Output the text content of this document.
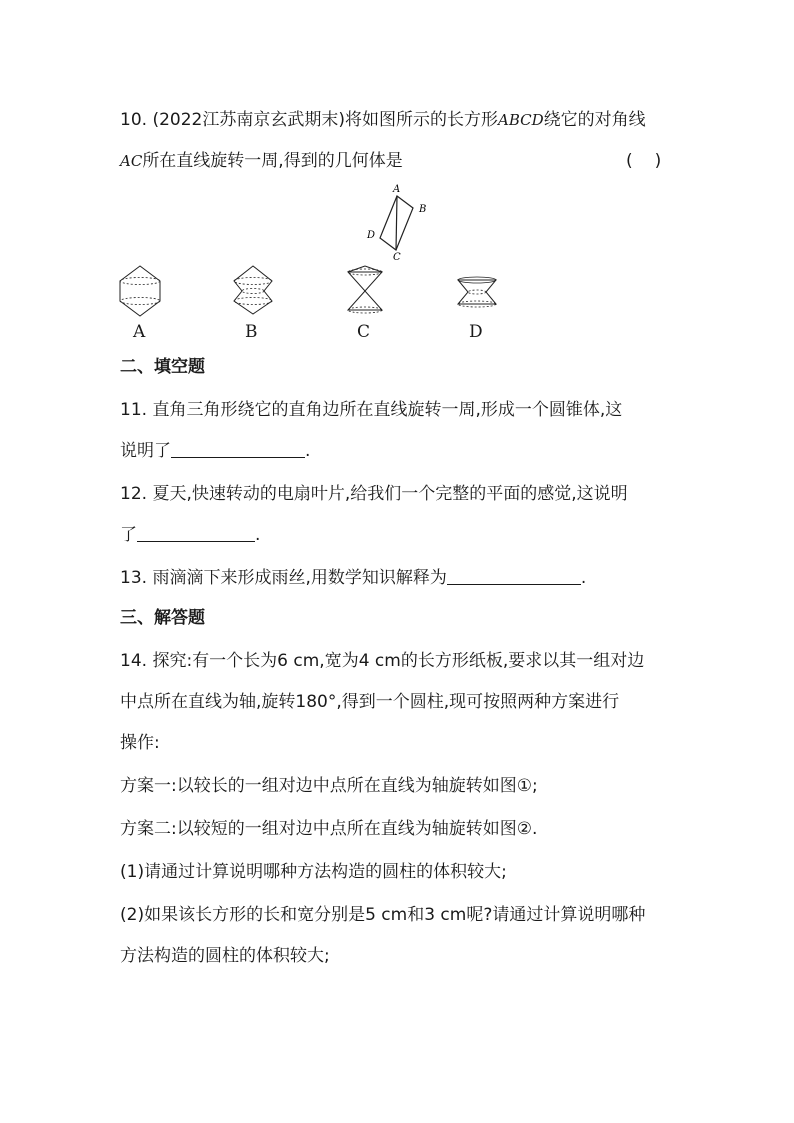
10. (2022江苏南京玄武期末)将如图所示的长方形ABCD绕它的对角线
AC所在直线旋转一周,得到的几何体是	( )
A
B
C
D
A	B	C	D
二、填空题
11. 直角三角形绕它的直角边所在直线旋转一周,形成一个圆锥体,这
说明了	.
12. 夏天,快速转动的电扇叶片,给我们一个完整的平面的感觉,这说明
了	.
13. 雨滴滴下来形成雨丝,用数学知识解释为	.
三、解答题
14. 探究:有一个长为6 cm,宽为4 cm的长方形纸板,要求以其一组对边
中点所在直线为轴,旋转180°,得到一个圆柱,现可按照两种方案进行
操作:
方案一:以较长的一组对边中点所在直线为轴旋转如图①;
方案二:以较短的一组对边中点所在直线为轴旋转如图②.
(1)请通过计算说明哪种方法构造的圆柱的体积较大;
(2)如果该长方形的长和宽分别是5 cm和3 cm呢?请通过计算说明哪种
方法构造的圆柱的体积较大;
